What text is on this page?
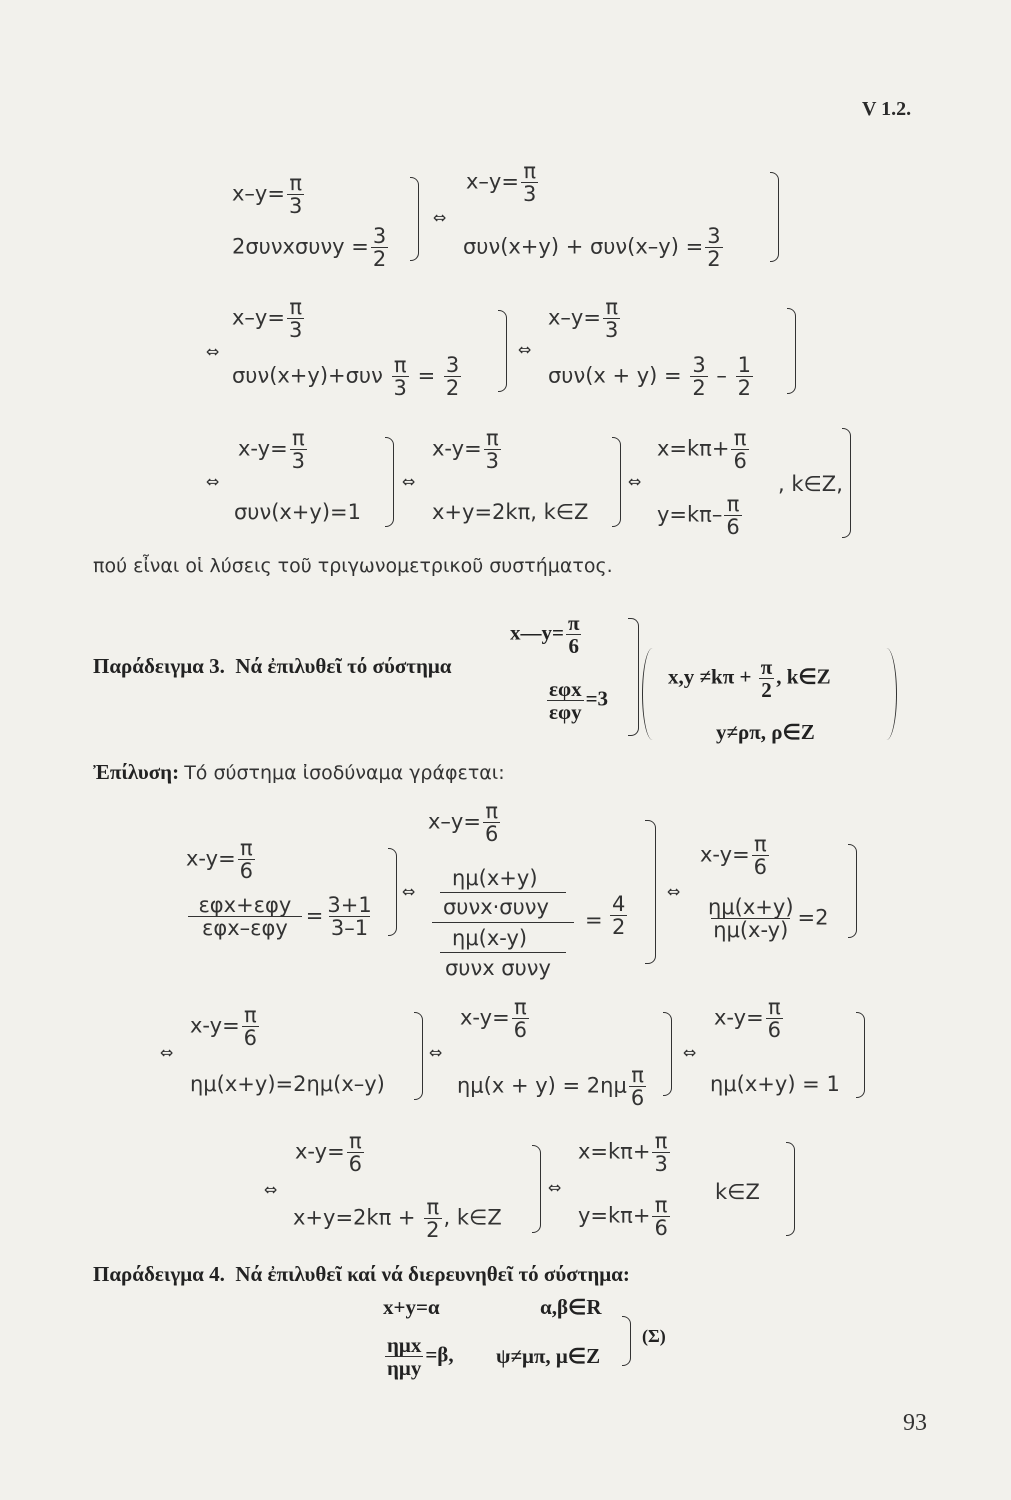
V 1.2.
$x-y= \frac{\pi}{3}$
$2\sigma\upsilon\nu x\sigma\upsilon\nu y = \frac{3}{2}$
⇔
$x-y= \frac{\pi}{3}$
$\sigma\upsilon\nu(x+y) + \sigma\upsilon\nu(x-y) = \frac{3}{2}$
⇔
$x-y= \frac{\pi}{3}$
$\sigma\upsilon\nu(x+y)+\sigma\upsilon\nu \frac{\pi}{3} = \frac{3}{2}$
⇔
$x-y= \frac{\pi}{3}$
$\sigma\upsilon\nu(x + y) = \frac{3}{2} - \frac{1}{2}$
⇔
$x-y= \frac{\pi}{3}$
συν(x+y)=1
⇔
$x-y= \frac{\pi}{3}$
x+y=2kπ, k∈Z
⇔
$x=k\pi+ \frac{\pi}{6}$
, k∈Z,
$y=k\pi- \frac{\pi}{6}$
πού εἶναι οἱ λύσεις τοῦ τριγωνομετρικοῦ συστήματος.
Παράδειγμα 3. Νά ἐπιλυθεῖ τό σύστημα
x—y= $\frac{\pi}{6}$
$\frac{\text{εφx}}{\text{εφy}} =3$
$x,y \ne k\pi + \frac{\pi}{2}$ , k∈Z
y≠ρπ, ρ∈Z
Ἐπίλυση: Τό σύστημα ἰσοδύναμα γράφεται:
$x-y= \frac{\pi}{6}$
$\frac{\text{εφx+εφy}}{\text{εφx–εφy}} = \frac{3+1}{3-1}$
⇔
$x-y= \frac{\pi}{6}$
ημ(x+y)
συνx·συνy
ημ(x-y)
συνx συνy
= $\frac{4}{2}$
⇔
$x-y= \frac{\pi}{6}$
$\frac{\eta\mu(x+y)}{\eta\mu(x-y)} =2$
⇔
$x-y= \frac{\pi}{6}$
ημ(x+y)=2ημ(x–y)
⇔
$x-y= \frac{\pi}{6}$
$\eta\mu(x + y) = 2\eta\mu \frac{\pi}{6}$
⇔
$x-y= \frac{\pi}{6}$
ημ(x+y) = 1
⇔
$x-y= \frac{\pi}{6}$
$x+y=2k\pi + \frac{\pi}{2}$ , k∈Z
⇔
$x=k\pi+ \frac{\pi}{3}$
$y=k\pi+ \frac{\pi}{6}$
k∈Z
Παράδειγμα 4. Νά ἐπιλυθεῖ καί νά διερευνηθεῖ τό σύστημα:
x+y=α	α,β∈R
$\frac{\text{ημx}}{\text{ημy}} =\beta$, ψ≠μπ, μ∈Z
(Σ)
93
